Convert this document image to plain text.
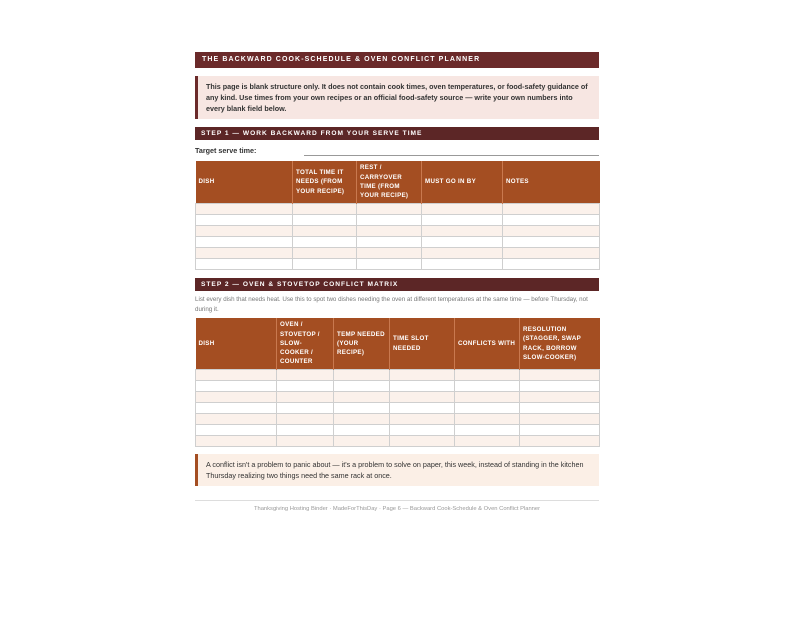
THE BACKWARD COOK-SCHEDULE & OVEN CONFLICT PLANNER
This page is blank structure only. It does not contain cook times, oven temperatures, or food-safety guidance of any kind. Use times from your own recipes or an official food-safety source — write your own numbers into every blank field below.
STEP 1 — WORK BACKWARD FROM YOUR SERVE TIME
Target serve time:
DISH	TOTAL TIME IT NEEDS (FROM YOUR RECIPE)	REST / CARRYOVER TIME (FROM YOUR RECIPE)	MUST GO IN BY	NOTES

STEP 2 — OVEN & STOVETOP CONFLICT MATRIX
List every dish that needs heat. Use this to spot two dishes needing the oven at different temperatures at the same time — before Thursday, not during it.
DISH	OVEN / STOVETOP / SLOW-COOKER / COUNTER	TEMP NEEDED (YOUR RECIPE)	TIME SLOT NEEDED	CONFLICTS WITH	RESOLUTION (STAGGER, SWAP RACK, BORROW SLOW-COOKER)

A conflict isn't a problem to panic about — it's a problem to solve on paper, this week, instead of standing in the kitchen Thursday realizing two things need the same rack at once.
Thanksgiving Hosting Binder · MadeForThisDay · Page 6 — Backward Cook-Schedule & Oven Conflict Planner
